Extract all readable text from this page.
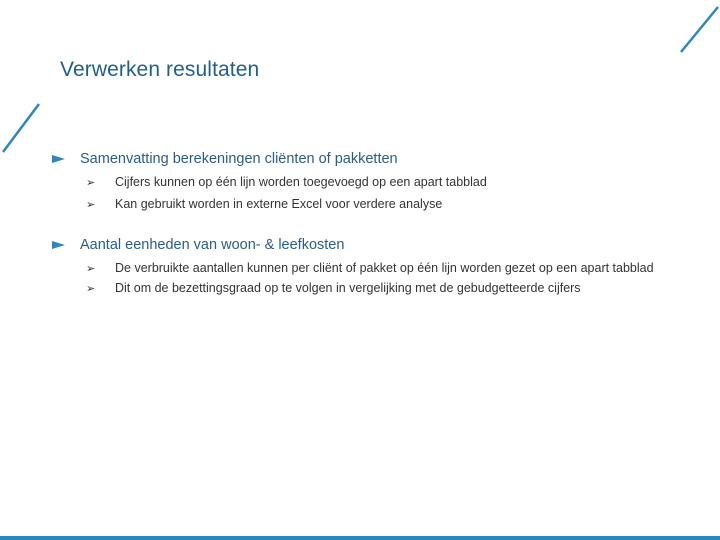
Verwerken resultaten
Samenvatting berekeningen cliënten of pakketten
➢ Cijfers kunnen op één lijn worden toegevoegd op een apart tabblad
➢ Kan gebruikt worden in externe Excel voor verdere analyse
Aantal eenheden van woon- & leefkosten
➢ De verbruikte aantallen kunnen per cliënt of pakket op één lijn worden gezet op een apart tabblad
➢ Dit om de bezettingsgraad op te volgen in vergelijking met de gebudgetteerde cijfers
